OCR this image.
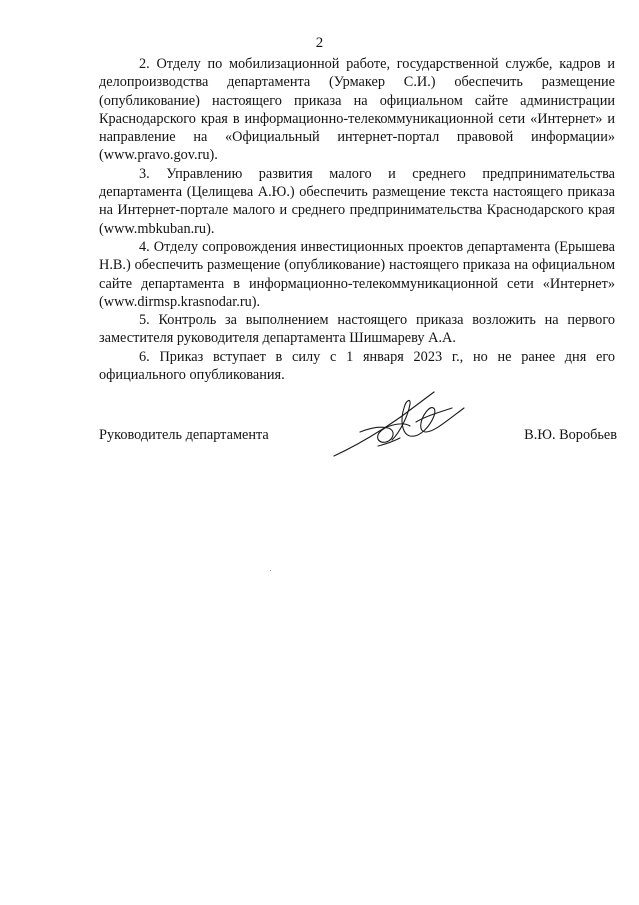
2

2. Отделу по мобилизационной работе, государственной службе, кадров и делопроизводства департамента (Урмакер С.И.) обеспечить размещение (опубликование) настоящего приказа на официальном сайте администрации Краснодарского края в информационно-телекоммуникационной сети «Интернет» и направление на «Официальный интернет-портал правовой информации» (www.pravo.gov.ru).

3. Управлению развития малого и среднего предпринимательства департамента (Целищева А.Ю.) обеспечить размещение текста настоящего приказа на Интернет-портале малого и среднего предпринимательства Краснодарского края (www.mbkuban.ru).

4. Отделу сопровождения инвестиционных проектов департамента (Ерышева Н.В.) обеспечить размещение (опубликование) настоящего приказа на официальном сайте департамента в информационно-телекоммуникационной сети «Интернет» (www.dirmsp.krasnodar.ru).

5. Контроль за выполнением настоящего приказа возложить на первого заместителя руководителя департамента Шишмареву А.А.

6. Приказ вступает в силу с 1 января 2023 г., но не ранее дня его официального опубликования.

Руководитель департамента	В.Ю. Воробьев
